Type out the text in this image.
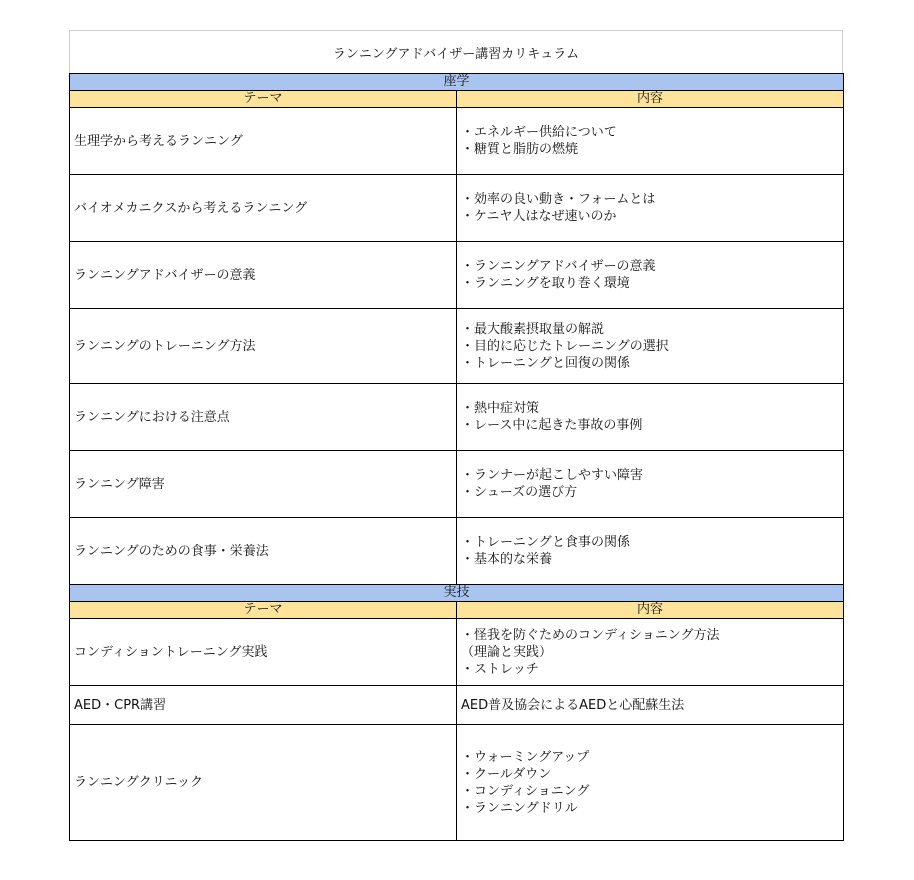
ランニングアドバイザー講習カリキュラム
座学	
テーマ	内容
生理学から考えるランニング	・エネルギー供給について
・糖質と脂肪の燃焼

バイオメカニクスから考えるランニング	・効率の良い動き・フォームとは
・ケニヤ人はなぜ速いのか

ランニングアドバイザーの意義	・ランニングアドバイザーの意義
・ランニングを取り巻く環境

ランニングのトレーニング方法	・最大酸素摂取量の解説
・目的に応じたトレーニングの選択
・トレーニングと回復の関係

ランニングにおける注意点	・熱中症対策
・レース中に起きた事故の事例

ランニング障害	・ランナーが起こしやすい障害
・シューズの選び方

ランニングのための食事・栄養法	・トレーニングと食事の関係
・基本的な栄養

実技	
テーマ	内容
コンディショントレーニング実践	・怪我を防ぐためのコンディショニング方法
（理論と実践）
・ストレッチ

AED・CPR講習	AED普及協会によるAEDと心配蘇生法

ランニングクリニック	・ウォーミングアップ
・クールダウン
・コンディショニング
・ランニングドリル
